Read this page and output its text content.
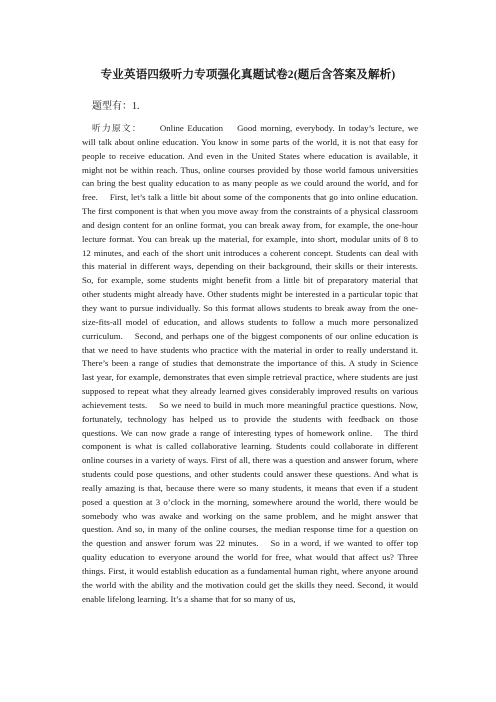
专业英语四级听力专项强化真题试卷2(题后含答案及解析)
题型有：1.
听力原文： Online Education Good morning, everybody. In today’s lecture, we will talk about online education. You know in some parts of the world, it is not that easy for people to receive education. And even in the United States where education is available, it might not be within reach. Thus, online courses provided by those world famous universities can bring the best quality education to as many people as we could around the world, and for free. First, let’s talk a little bit about some of the components that go into online education. The first component is that when you move away from the constraints of a physical classroom and design content for an online format, you can break away from, for example, the one-hour lecture format. You can break up the material, for example, into short, modular units of 8 to 12 minutes, and each of the short unit introduces a coherent concept. Students can deal with this material in different ways, depending on their background, their skills or their interests. So, for example, some students might benefit from a little bit of preparatory material that other students might already have. Other students might be interested in a particular topic that they want to pursue individually. So this format allows students to break away from the one-size-fits-all model of education, and allows students to follow a much more personalized curriculum. Second, and perhaps one of the biggest components of our online education is that we need to have students who practice with the material in order to really understand it. There’s been a range of studies that demonstrate the importance of this. A study in Science last year, for example, demonstrates that even simple retrieval practice, where students are just supposed to repeat what they already learned gives considerably improved results on various achievement tests. So we need to build in much more meaningful practice questions. Now, fortunately, technology has helped us to provide the students with feedback on those questions. We can now grade a range of interesting types of homework online. The third component is what is called collaborative learning. Students could collaborate in different online courses in a variety of ways. First of all, there was a question and answer forum, where students could pose questions, and other students could answer these questions. And what is really amazing is that, because there were so many students, it means that even if a student posed a question at 3 o’clock in the morning, somewhere around the world, there would be somebody who was awake and working on the same problem, and he might answer that question. And so, in many of the online courses, the median response time for a question on the question and answer forum was 22 minutes. So in a word, if we wanted to offer top quality education to everyone around the world for free, what would that affect us? Three things. First, it would establish education as a fundamental human right, where anyone around the world with the ability and the motivation could get the skills they need. Second, it would enable lifelong learning. It’s a shame that for so many of us,
